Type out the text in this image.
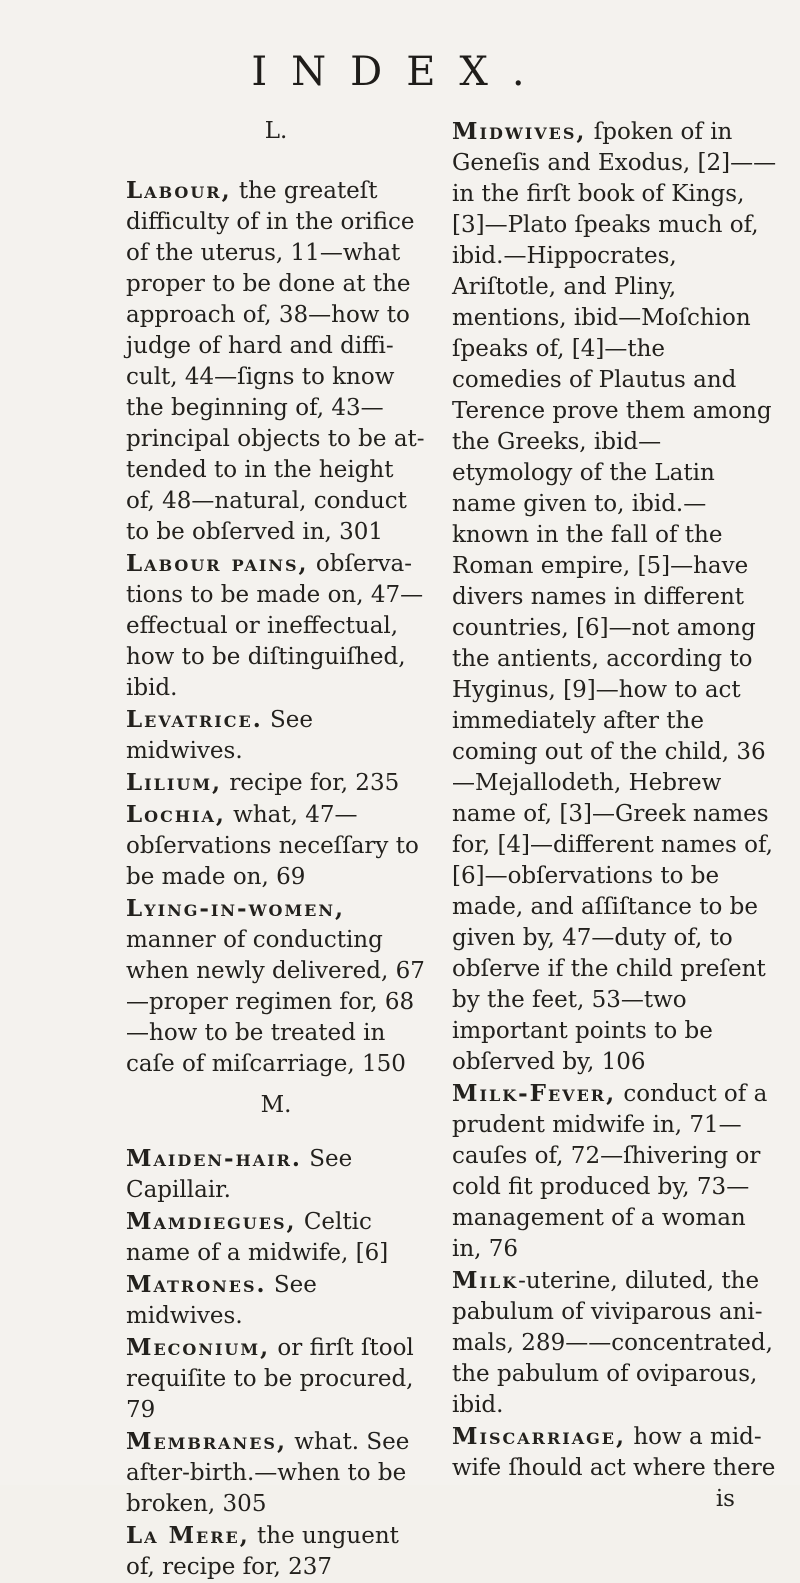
INDEX.
L.

Labour, the greateſt difficulty of in the orifice of the uterus, 11—what proper to be done at the approach of, 38—how to judge of hard and difficult, 44—ſigns to know the beginning of, 43—principal objects to be attended to in the height of, 48—natural, conduct to be obſerved in, 301

Labour pains, obſervations to be made on, 47—effectual or ineffectual, how to be diſtinguiſhed, ibid.

Levatrice. See midwives.

Lilium, recipe for, 235

Lochia, what, 47—obſervations neceſſary to be made on, 69

Lying-in-women, manner of conducting when newly delivered, 67—proper regimen for, 68—how to be treated in caſe of miſcarriage, 150

M.

Maiden-hair. See Capillair.

Mamdiegues, Celtic name of a midwife, [6]

Matrones. See midwives.

Meconium, or firſt ſtool requiſite to be procured, 79

Membranes, what. See after-birth.—when to be broken, 305

La Mere, the unguent of, recipe for, 237

Midwives, ſpoken of in Geneſis and Exodus, [2]——in the firſt book of Kings, [3]—Plato ſpeaks much of, ibid.—Hippocrates, Ariſtotle, and Pliny, mentions, ibid—Moſchion ſpeaks of, [4]—the comedies of Plautus and Terence prove them among the Greeks, ibid—etymology of the Latin name given to, ibid.—known in the fall of the Roman empire, [5]—have divers names in different countries, [6]—not among the antients, according to Hyginus, [9]—how to act immediately after the coming out of the child, 36—Mejallodeth, Hebrew name of, [3]—Greek names for, [4]—different names of, [6]—obſervations to be made, and aſſiſtance to be given by, 47—duty of, to obſerve if the child preſent by the feet, 53—two important points to be obſerved by, 106

Milk-Fever, conduct of a prudent midwife in, 71—cauſes of, 72—ſhivering or cold fit produced by, 73—management of a woman in, 76

Milk-uterine, diluted, the pabulum of viviparous animals, 289——concentrated, the pabulum of oviparous, ibid.

Miscarriage, how a midwife ſhould act where there

is
